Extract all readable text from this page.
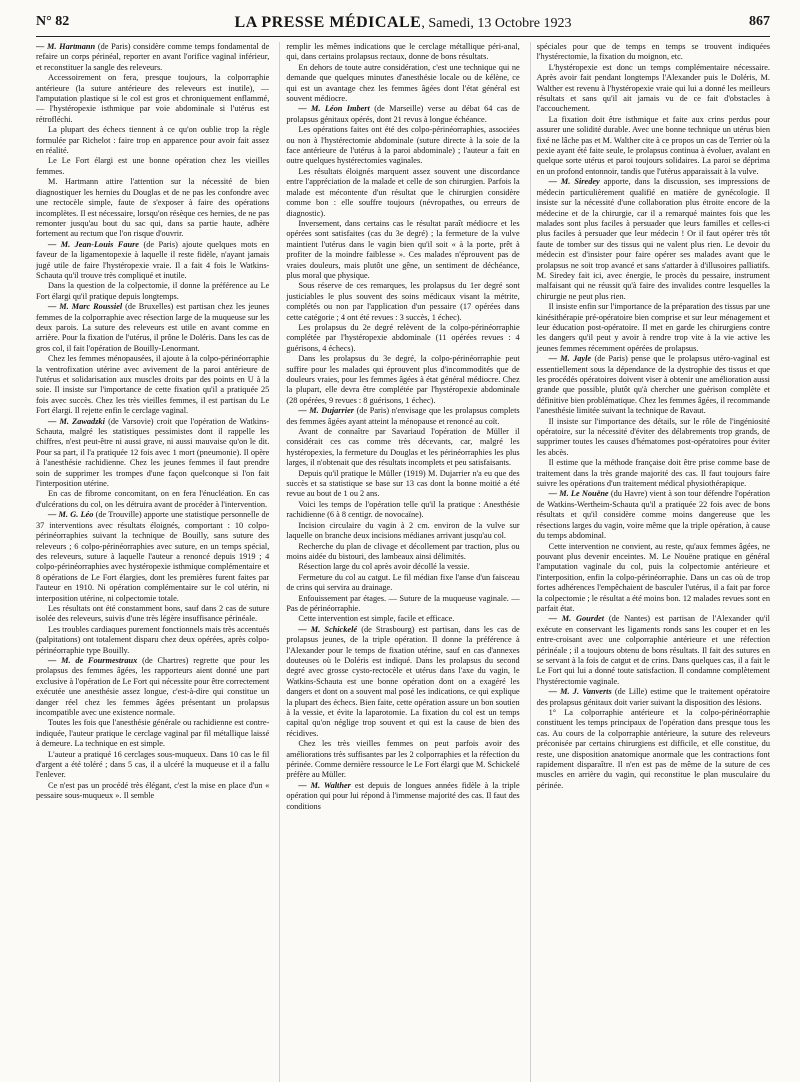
N° 82	LA PRESSE MÉDICALE, Samedi, 13 Octobre 1923	867

— M. Hartmann (de Paris) considère comme temps fondamental de refaire un corps périnéal, reporter en avant l'orifice vaginal inférieur, et reconstituer la sangle des releveurs.

Accessoirement on fera, presque toujours, la colporraphie antérieure (la suture antérieure des releveurs est inutile), — l'amputation plastique si le col est gros et chroniquement enflammé, — l'hystéropexie isthmique par voie abdominale si l'utérus est rétrofléchi.

La plupart des échecs tiennent à ce qu'on oublie trop la règle formulée par Richelot : faire trop en apparence pour avoir fait assez en réalité.

Le Le Fort élargi est une bonne opération chez les vieilles femmes.

M. Hartmann attire l'attention sur la nécessité de bien diagnostiquer les hernies du Douglas et de ne pas les confondre avec une rectocèle simple, faute de s'exposer à faire des opérations incomplètes. Il est nécessaire, lorsqu'on résèque ces hernies, de ne pas remonter jusqu'au bout du sac qui, dans sa partie haute, adhère fortement au rectum que l'on risque d'ouvrir.

— M. Jean-Louis Faure (de Paris) ajoute quelques mots en faveur de la ligamentopexie à laquelle il reste fidèle, n'ayant jamais jugé utile de faire l'hystéropexie vraie. Il a fait 4 fois le Watkins-Schauta qu'il trouve très compliqué et inutile.

Dans la question de la colpectomie, il donne la préférence au Le Fort élargi qu'il pratique depuis longtemps.

— M. Marc Roussiel (de Bruxelles) est partisan chez les jeunes femmes de la colporraphie avec résection large de la muqueuse sur les deux parois. La suture des releveurs est utile en avant comme en arrière. Pour la fixation de l'utérus, il prône le Doléris. Dans les cas de gros col, il fait l'opération de Bouilly-Lenormant.

Chez les femmes ménopausées, il ajoute à la colpo-périnéorraphie la ventrofixation utérine avec avivement de la paroi antérieure de l'utérus et solidarisation aux muscles droits par des points en U à la soie. Il insiste sur l'importance de cette fixation qu'il a pratiquée 25 fois avec succès. Chez les très vieilles femmes, il est partisan du Le Fort élargi. Il rejette enfin le cerclage vaginal.

— M. Zawadzki (de Varsovie) croit que l'opération de Watkins-Schauta, malgré les statistiques pessimistes dont il rappelle les chiffres, n'est peut-être ni aussi grave, ni aussi mauvaise qu'on le dit. Pour sa part, il l'a pratiquée 12 fois avec 1 mort (pneumonie). Il opère à l'anesthésie rachidienne. Chez les jeunes femmes il faut prendre soin de supprimer les trompes d'une façon quelconque si l'on fait l'interposition utérine.

En cas de fibrome concomitant, on en fera l'énucléation. En cas d'ulcérations du col, on les détruira avant de procéder à l'intervention.

— M. G. Léo (de Trouville) apporte une statistique personnelle de 37 interventions avec résultats éloignés, comportant : 10 colpo-périnéorraphies suivant la technique de Bouilly, sans suture des releveurs ; 6 colpo-périnéorraphies avec suture, en un temps spécial, des releveurs, suture à laquelle l'auteur a renoncé depuis 1919 ; 4 colpo-périnéorraphies avec hystéropexie isthmique complémentaire et 8 opérations de Le Fort élargies, dont les premières furent faites par l'auteur en 1910. Ni opération complémentaire sur le col utérin, ni interposition utérine, ni colpectomie totale.

Les résultats ont été constamment bons, sauf dans 2 cas de suture isolée des releveurs, suivis d'une très légère insuffisance périnéale.

Les troubles cardiaques purement fonctionnels mais très accentués (palpitations) ont totalement disparu chez deux opérées, après colpo-périnéorraphie type Bouilly.

— M. de Fourmestraux (de Chartres) regrette que pour les prolapsus des femmes âgées, les rapporteurs aient donné une part exclusive à l'opération de Le Fort qui nécessite pour être correctement exécutée une anesthésie assez longue, c'est-à-dire qui constitue un danger réel chez les femmes âgées présentant un prolapsus incompatible avec une existence normale.

Toutes les fois que l'anesthésie générale ou rachidienne est contre-indiquée, l'auteur pratique le cerclage vaginal par fil métallique laissé à demeure. La technique en est simple.

L'auteur a pratiqué 16 cerclages sous-muqueux. Dans 10 cas le fil d'argent a été toléré ; dans 5 cas, il a ulcéré la muqueuse et il a fallu l'enlever.

Ce n'est pas un procédé très élégant, c'est la mise en place d'un « pessaire sous-muqueux ». Il semble

remplir les mêmes indications que le cerclage métallique péri-anal, qui, dans certains prolapsus rectaux, donne de bons résultats.

En dehors de toute autre considération, c'est une technique qui ne demande que quelques minutes d'anesthésie locale ou de kélène, ce qui est un avantage chez les femmes âgées dont l'état général est souvent médiocre.

— M. Léon Imbert (de Marseille) verse au débat 64 cas de prolapsus génitaux opérés, dont 21 revus à longue échéance.

Les opérations faites ont été des colpo-périnéorraphies, associées ou non à l'hystérectomie abdominale (suture directe à la soie de la face antérieure de l'utérus à la paroi abdominale) ; l'auteur a fait en outre quelques hystérectomies vaginales.

Les résultats éloignés marquent assez souvent une discordance entre l'appréciation de la malade et celle de son chirurgien. Parfois la malade est mécontente d'un résultat que le chirurgien considère comme bon : elle souffre toujours (névropathes, ou erreurs de diagnostic).

Inversement, dans certains cas le résultat paraît médiocre et les opérées sont satisfaites (cas du 3e degré) ; la fermeture de la vulve maintient l'utérus dans le vagin bien qu'il soit « à la porte, prêt à profiter de la moindre faiblesse ». Ces malades n'éprouvent pas de vraies douleurs, mais plutôt une gêne, un sentiment de déchéance, plus moral que physique.

Sous réserve de ces remarques, les prolapsus du 1er degré sont justiciables le plus souvent des soins médicaux visant la métrite, complétés ou non par l'application d'un pessaire (17 opérées dans cette catégorie ; 4 ont été revues : 3 succès, 1 échec).

Les prolapsus du 2e degré relèvent de la colpo-périnéorraphie complétée par l'hystéropexie abdominale (11 opérées revues : 4 guérisons, 4 échecs).

Dans les prolapsus du 3e degré, la colpo-périnéorraphie peut suffire pour les malades qui éprouvent plus d'incommodités que de douleurs vraies, pour les femmes âgées à état général médiocre. Chez la plupart, elle devra être complétée par l'hystéropexie abdominale (28 opérées, 9 revues : 8 guérisons, 1 échec).

— M. Dujarrier (de Paris) n'envisage que les prolapsus complets des femmes âgées ayant atteint la ménopause et renoncé au coït.

Avant de connaître par Savariaud l'opération de Müller il considérait ces cas comme très décevants, car, malgré les hystéropexies, la fermeture du Douglas et les périnéorraphies les plus larges, il n'obtenait que des résultats incomplets et peu satisfaisants.

Depuis qu'il pratique le Müller (1919) M. Dujarrier n'a eu que des succès et sa statistique se base sur 13 cas dont la bonne moitié a été revue au bout de 1 ou 2 ans.

Voici les temps de l'opération telle qu'il la pratique : Anesthésie rachidienne (6 à 8 centigr. de novocaïne).

Incision circulaire du vagin à 2 cm. environ de la vulve sur laquelle on branche deux incisions médianes arrivant jusqu'au col.

Recherche du plan de clivage et décollement par traction, plus ou moins aidée du bistouri, des lambeaux ainsi délimités.

Résection large du col après avoir décollé la vessie.

Fermeture du col au catgut. Le fil médian fixe l'anse d'un faisceau de crins qui servira au drainage.

Enfouissement par étages. — Suture de la muqueuse vaginale. — Pas de périnéorraphie.

Cette intervention est simple, facile et efficace.

— M. Schickelé (de Strasbourg) est partisan, dans les cas de prolapsus jeunes, de la triple opération. Il donne la préférence à l'Alexander pour le temps de fixation utérine, sauf en cas d'annexes douteuses où le Doléris est indiqué. Dans les prolapsus du second degré avec grosse cysto-rectocèle et utérus dans l'axe du vagin, le Watkins-Schauta est une bonne opération dont on a exagéré les dangers et dont on a souvent mal posé les indications, ce qui explique la plupart des échecs. Bien faite, cette opération assure un bon soutien à la vessie, et évite la laparotomie. La fixation du col est un temps capital qu'on néglige trop souvent et qui est la cause de bien des récidives.

Chez les très vieilles femmes on peut parfois avoir des améliorations très suffisantes par les 2 colporraphies et la réfection du périnée. Comme dernière ressource le Le Fort élargi que M. Schickelé préfère au Müller.

— M. Walther est depuis de longues années fidèle à la triple opération qui pour lui répond à l'immense majorité des cas. Il faut des conditions

spéciales pour que de temps en temps se trouvent indiquées l'hystérectomie, la fixation du moignon, etc.

L'hystéropexie est donc un temps complémentaire nécessaire. Après avoir fait pendant longtemps l'Alexander puis le Doléris, M. Walther est revenu à l'hystéropexie vraie qui lui a donné les meilleurs résultats et sans qu'il ait jamais vu de ce fait d'obstacles à l'accouchement.

La fixation doit être isthmique et faite aux crins perdus pour assurer une solidité durable. Avec une bonne technique un utérus bien fixé ne lâche pas et M. Walther cite à ce propos un cas de Terrier où la pexie ayant été faite seule, le prolapsus continua à évoluer, avalant en quelque sorte utérus et paroi toujours solidaires. La paroi se déprima en un profond entonnoir, tandis que l'utérus apparaissait à la vulve.

— M. Siredey apporte, dans la discussion, ses impressions de médecin particulièrement qualifié en matière de gynécologie. Il insiste sur la nécessité d'une collaboration plus étroite encore de la médecine et de la chirurgie, car il a remarqué maintes fois que les malades sont plus faciles à persuader que leurs familles et celles-ci plus faciles à persuader que leur médecin ! Or il faut opérer très tôt faute de tomber sur des tissus qui ne valent plus rien. Le devoir du médecin est d'insister pour faire opérer ses malades avant que le prolapsus ne soit trop avancé et sans s'attarder à d'illusoires palliatifs. M. Siredey fait ici, avec énergie, le procès du pessaire, instrument malfaisant qui ne réussit qu'à faire des invalides contre lesquelles la chirurgie ne peut plus rien.

Il insiste enfin sur l'importance de la préparation des tissus par une kinésithérapie pré-opératoire bien comprise et sur leur ménagement et leur éducation post-opératoire. Il met en garde les chirurgiens contre les dangers qu'il peut y avoir à rendre trop vite à la vie active les jeunes femmes récemment opérées de prolapsus.

— M. Jayle (de Paris) pense que le prolapsus utéro-vaginal est essentiellement sous la dépendance de la dystrophie des tissus et que les procédés opératoires doivent viser à obtenir une amélioration aussi grande que possible, plutôt qu'à chercher une guérison complète et définitive bien problématique. Chez les femmes âgées, il recommande l'anesthésie limitée suivant la technique de Ravaut.

Il insiste sur l'importance des détails, sur le rôle de l'ingéniosité opératoire, sur la nécessité d'éviter des délabrements trop grands, de supprimer toutes les causes d'hématomes post-opératoires pour éviter les abcès.

Il estime que la méthode française doit être prise comme base de traitement dans la très grande majorité des cas. Il faut toujours faire suivre les opérations d'un traitement médical physiothérapique.

— M. Le Nouëne (du Havre) vient à son tour défendre l'opération de Watkins-Wertheim-Schauta qu'il a pratiquée 22 fois avec de bons résultats et qu'il considère comme moins dangereuse que les résections larges du vagin, voire même que la triple opération, à cause du temps abdominal.

Cette intervention ne convient, au reste, qu'aux femmes âgées, ne pouvant plus devenir enceintes. M. Le Nouëne pratique en général l'amputation vaginale du col, puis la colpectomie antérieure et l'interposition, enfin la colpo-périnéorraphie. Dans un cas où de trop fortes adhérences l'empêchaient de basculer l'utérus, il a fait par force la colpectomie ; le résultat a été moins bon. 12 malades revues sont en parfait état.

— M. Gourdet (de Nantes) est partisan de l'Alexander qu'il exécute en conservant les ligaments ronds sans les couper et en les entre-croisant avec une colporraphie antérieure et une réfection périnéale ; il a toujours obtenu de bons résultats. Il fait des sutures en se servant à la fois de catgut et de crins. Dans quelques cas, il a fait le Le Fort qui lui a donné toute satisfaction. Il condamne complètement l'hystérectomie vaginale.

— M. J. Vanverts (de Lille) estime que le traitement opératoire des prolapsus génitaux doit varier suivant la disposition des lésions.

1° La colporraphie antérieure et la colpo-périnéorraphie constituent les temps principaux de l'opération dans presque tous les cas. Au cours de la colporraphie antérieure, la suture des releveurs préconisée par certains chirurgiens est difficile, et elle constitue, du reste, une disposition anatomique anormale que les contractions font rapidement disparaître. Il n'en est pas de même de la suture de ces muscles en arrière du vagin, qui reconstitue le plan musculaire du périnée.
